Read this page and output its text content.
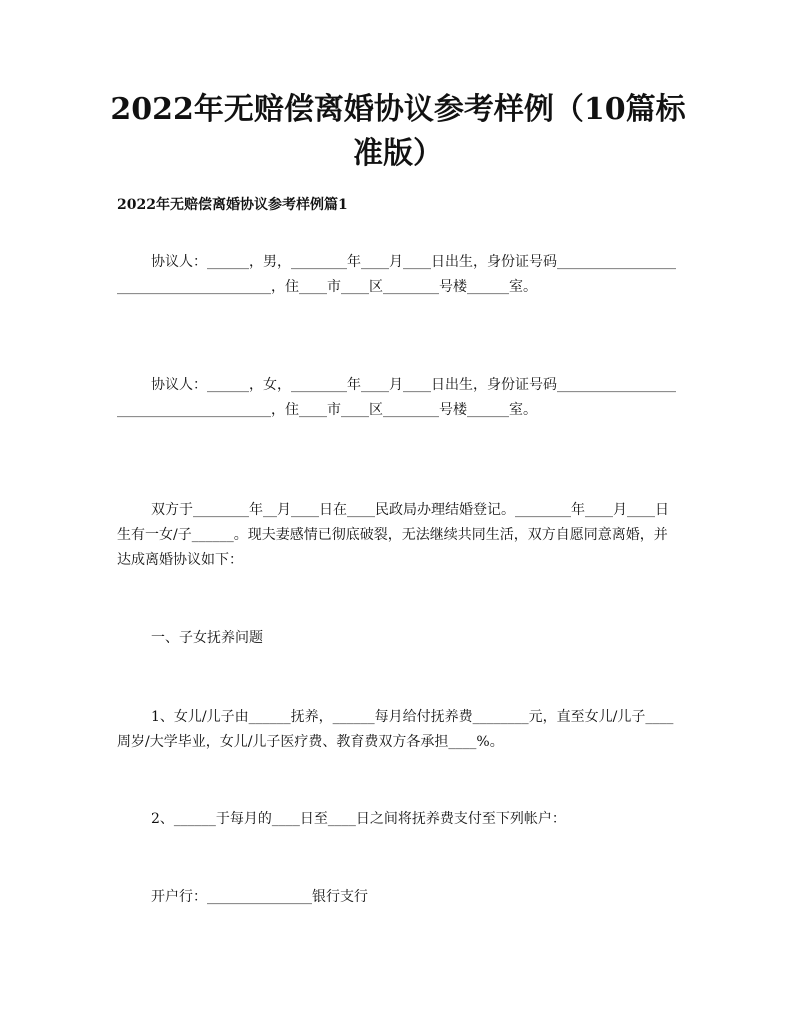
2022年无赔偿离婚协议参考样例（10篇标准版）
2022年无赔偿离婚协议参考样例篇1

协议人：______，男，________年____月____日出生，身份证号码_______________________________________，住____市____区________号楼______室。

协议人：______，女，________年____月____日出生，身份证号码_______________________________________，住____市____区________号楼______室。

双方于________年__月____日在____民政局办理结婚登记。________年____月____日生有一女/子______。现夫妻感情已彻底破裂，无法继续共同生活，双方自愿同意离婚，并达成离婚协议如下：

一、子女抚养问题

1、女儿/儿子由______抚养，______每月给付抚养费________元，直至女儿/儿子____周岁/大学毕业，女儿/儿子医疗费、教育费双方各承担____%。

2、______于每月的____日至____日之间将抚养费支付至下列帐户：

开户行：_______________银行支行
